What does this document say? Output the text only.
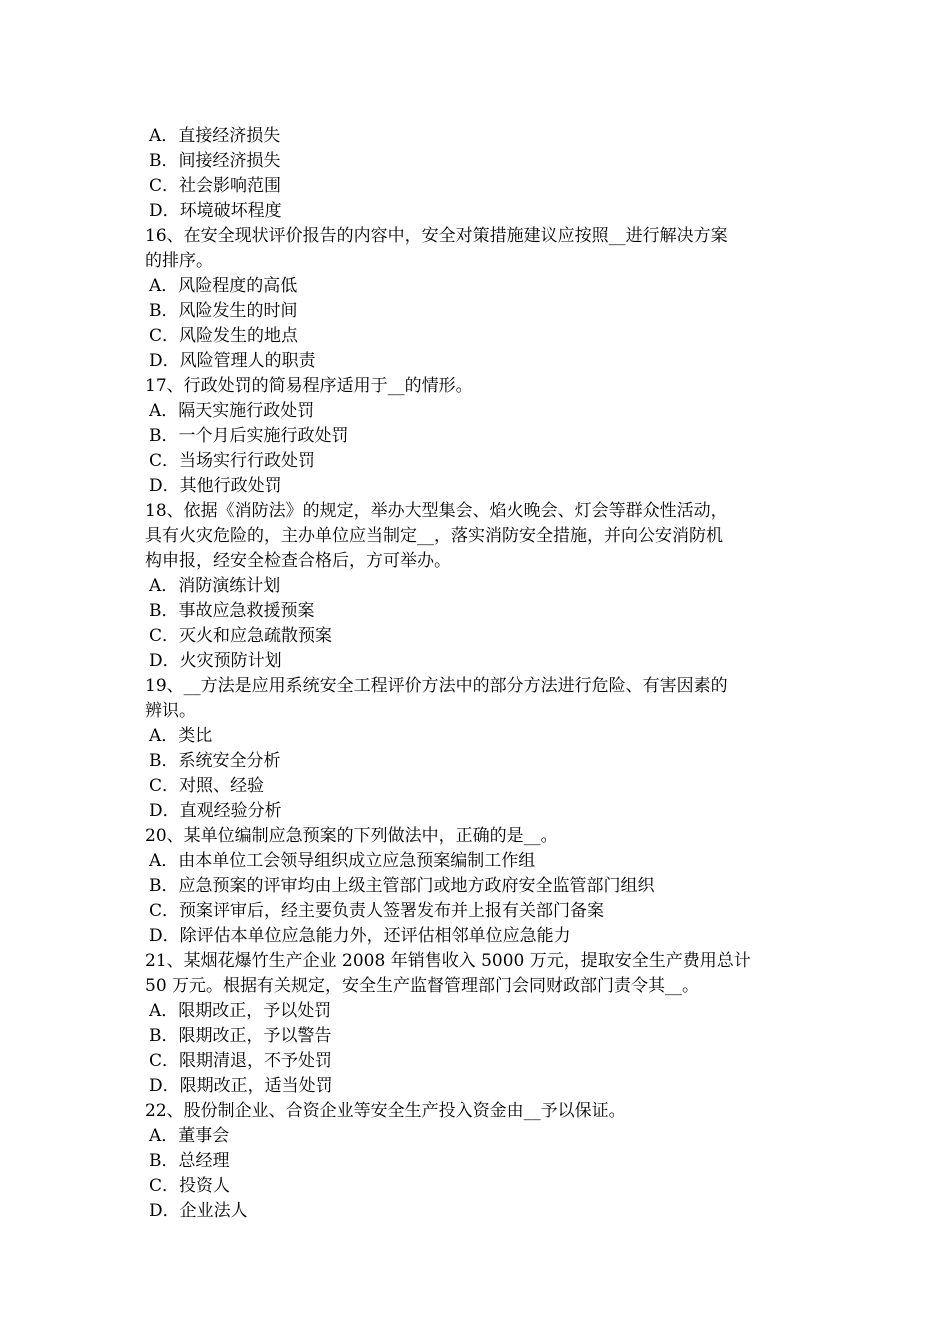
A．直接经济损失
B．间接经济损失
C．社会影响范围
D．环境破坏程度
16、在安全现状评价报告的内容中，安全对策措施建议应按照__进行解决方案
的排序。
A．风险程度的高低
B．风险发生的时间
C．风险发生的地点
D．风险管理人的职责
17、行政处罚的简易程序适用于__的情形。
A．隔天实施行政处罚
B．一个月后实施行政处罚
C．当场实行行政处罚
D．其他行政处罚
18、依据《消防法》的规定，举办大型集会、焰火晚会、灯会等群众性活动，
具有火灾危险的，主办单位应当制定__，落实消防安全措施，并向公安消防机
构申报，经安全检查合格后，方可举办。
A．消防演练计划
B．事故应急救援预案
C．灭火和应急疏散预案
D．火灾预防计划
19、__方法是应用系统安全工程评价方法中的部分方法进行危险、有害因素的
辨识。
A．类比
B．系统安全分析
C．对照、经验
D．直观经验分析
20、某单位编制应急预案的下列做法中，正确的是__。
A．由本单位工会领导组织成立应急预案编制工作组
B．应急预案的评审均由上级主管部门或地方政府安全监管部门组织
C．预案评审后，经主要负责人签署发布并上报有关部门备案
D．除评估本单位应急能力外，还评估相邻单位应急能力
21、某烟花爆竹生产企业 2008 年销售收入 5000 万元，提取安全生产费用总计
50 万元。根据有关规定，安全生产监督管理部门会同财政部门责令其__。
A．限期改正，予以处罚
B．限期改正，予以警告
C．限期清退，不予处罚
D．限期改正，适当处罚
22、股份制企业、合资企业等安全生产投入资金由__予以保证。
A．董事会
B．总经理
C．投资人
D．企业法人
